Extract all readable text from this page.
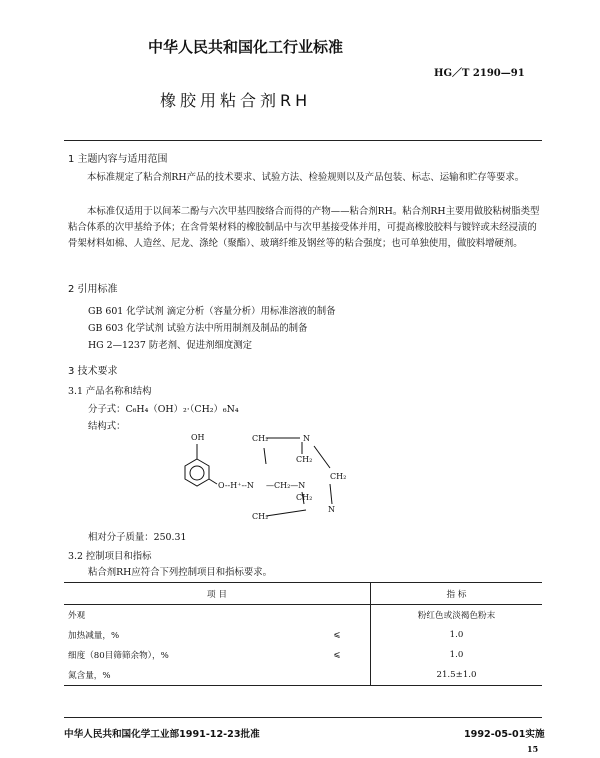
中华人民共和国化工行业标准
HG／T 2190—91
橡胶用粘合剂RH
1 主题内容与适用范围
本标准规定了粘合剂RH产品的技术要求、试验方法、检验规则以及产品包装、标志、运输和贮存等要求。
本标准仅适用于以间苯二酚与六次甲基四胺络合而得的产物——粘合剂RH。粘合剂RH主要用做胶粘树脂类型粘合体系的次甲基给予体；在含骨架材料的橡胶制品中与次甲基接受体并用，可提高橡胶胶料与镀锌或未经浸渍的骨架材料如棉、人造丝、尼龙、涤纶（聚酯）、玻璃纤维及钢丝等的粘合强度；也可单独使用，做胶料增硬剂。
2 引用标准
GB 601 化学试剂 滴定分析（容量分析）用标准溶液的制备
GB 603 化学试剂 试验方法中所用制剂及制品的制备
HG 2—1237 防老剂、促进剂细度测定
3 技术要求
3.1 产品名称和结构
分子式：C₆H₄（OH）₂·（CH₂）₆N₄
结构式：
OH
O--H⁺--N —CH₂—N
CH₂	N
CH₂
CH₂
CH₂
N
CH₂
相对分子质量：250.31
3.2 控制项目和指标
粘合剂RH应符合下列控制项目和指标要求。
项 目		指 标
外观		粉红色或淡褐色粉末
加热减量，%	⩽	1.0
细度（80目筛筛余物），%	⩽	1.0
氮含量，%		21.5±1.0
中华人民共和国化学工业部1991-12-23批准	1992-05-01实施
15
